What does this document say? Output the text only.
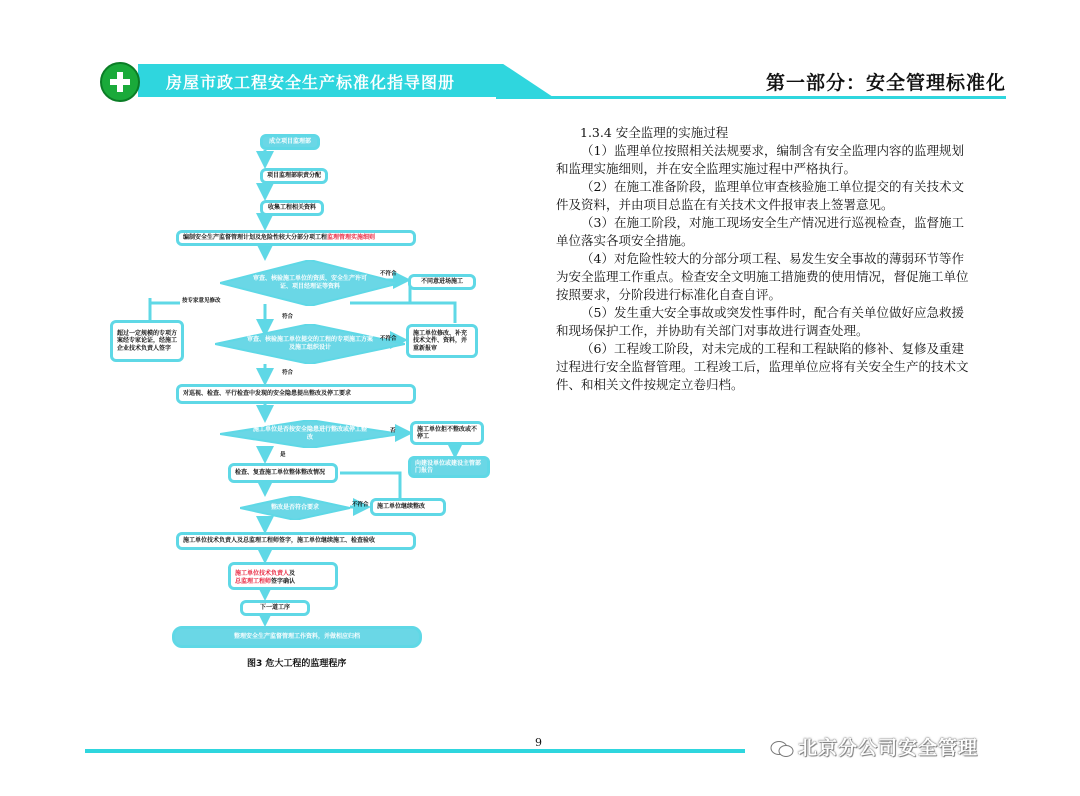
房屋市政工程安全生产标准化指导图册	第一部分：安全管理标准化
成立项目监理部
项目监理部职责分配
收集工程相关资料
编制安全生产监督管理计划及危险性较大分部分项工程 监理管理实施细则
审查、核验施工单位的资质、安全生产许可证、项目经理证等资料
不符合
不同意进场施工
按专家意见修改
符合
超过一定规模的专项方案经专家论证，经施工企业技术负责人签字
审查、核验施工单位提交的工程的专项施工方案及施工组织设计
不符合
施工单位修改、补充技术文件、资料，并重新报审
符合
对巡视、检查、平行检查中发现的安全隐患提出整改及停工要求
施工单位是否按安全隐患进行整改或停工整改
否	施工单位拒不整改或不停工
向建设单位或建设主管部门报告
是
检查、复查施工单位整体整改情况
整改是否符合要求	不符合	施工单位继续整改
施工单位技术负责人及总监理工程师签字，施工单位继续施工、检查验收
施工单位技术负责人及
总监理工程师签字确认
下一道工序
整理安全生产监督管理工作资料，并做相应归档
图3 危大工程的监理程序

1.3.4 安全监理的实施过程

（1）监理单位按照相关法规要求，编制含有安全监理内容的监理规划和监理实施细则，并在安全监理实施过程中严格执行。

（2）在施工准备阶段，监理单位审查核验施工单位提交的有关技术文件及资料，并由项目总监在有关技术文件报审表上签署意见。

（3）在施工阶段，对施工现场安全生产情况进行巡视检查，监督施工单位落实各项安全措施。

（4）对危险性较大的分部分项工程、易发生安全事故的薄弱环节等作为安全监理工作重点。检查安全文明施工措施费的使用情况，督促施工单位按照要求，分阶段进行标准化自查自评。

（5）发生重大安全事故或突发性事件时，配合有关单位做好应急救援和现场保护工作，并协助有关部门对事故进行调查处理。

（6）工程竣工阶段，对未完成的工程和工程缺陷的修补、复修及重建过程进行安全监督管理。工程竣工后，监理单位应将有关安全生产的技术文件、和相关文件按规定立卷归档。

9	北京分公司安全管理
